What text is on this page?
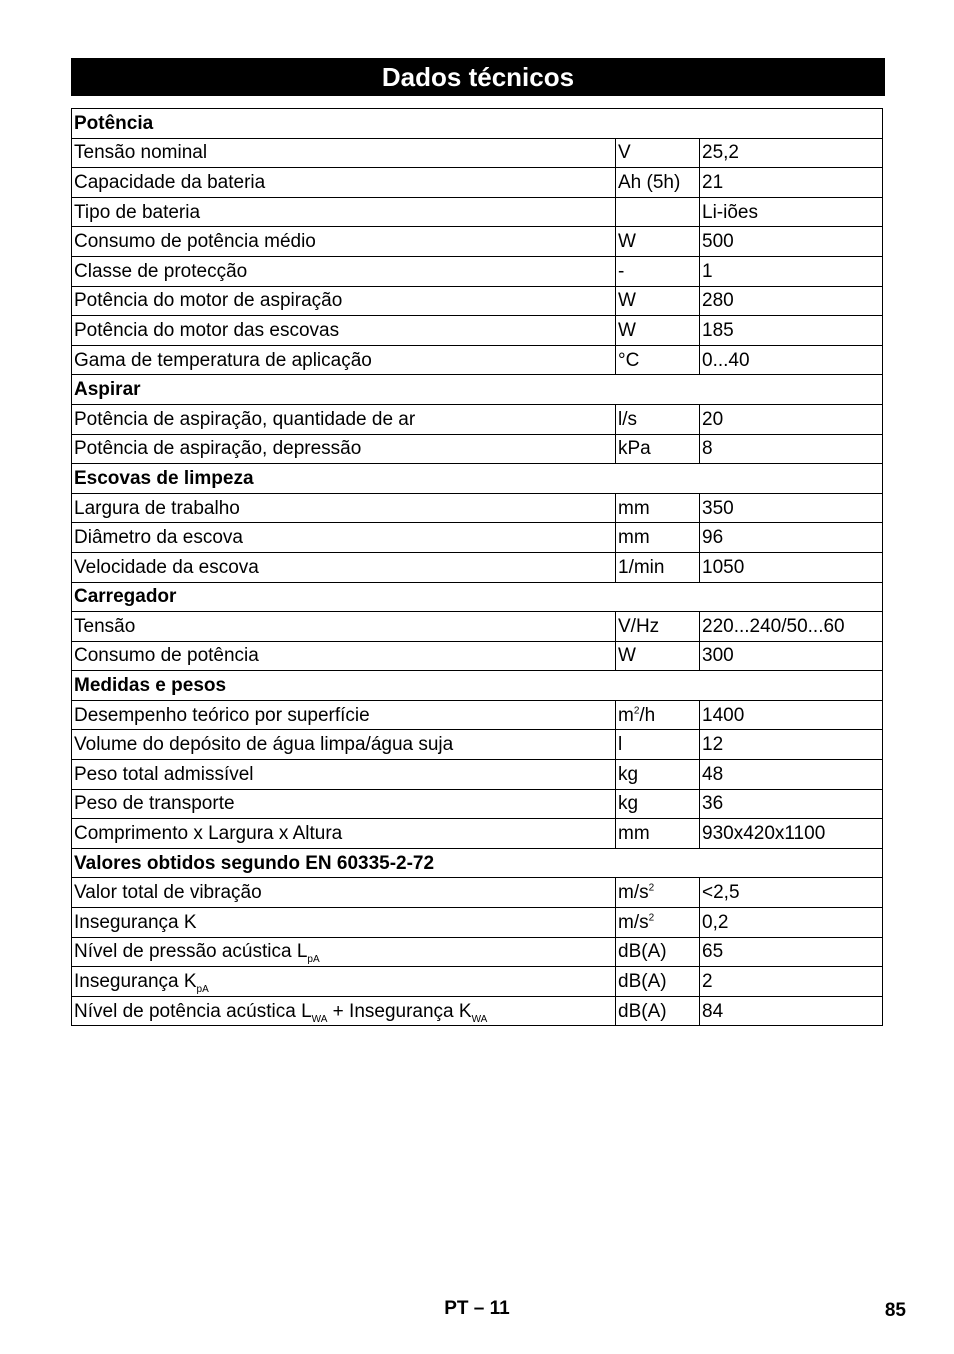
Dados técnicos
Potência		
Tensão nominal	V	25,2
Capacidade da bateria	Ah (5h)	21
Tipo de bateria		Li-iões
Consumo de potência médio	W	500
Classe de protecção	-	1
Potência do motor de aspiração	W	280
Potência do motor das escovas	W	185
Gama de temperatura de aplicação	°C	0...40
Aspirar		
Potência de aspiração, quantidade de ar	l/s	20
Potência de aspiração, depressão	kPa	8
Escovas de limpeza		
Largura de trabalho	mm	350
Diâmetro da escova	mm	96
Velocidade da escova	1/min	1050
Carregador		
Tensão	V/Hz	220...240/50...60
Consumo de potência	W	300
Medidas e pesos		
Desempenho teórico por superfície	$m^2/h$	1400
Volume do depósito de água limpa/água suja	l	12
Peso total admissível	kg	48
Peso de transporte	kg	36
Comprimento x Largura x Altura	mm	930x420x1100
Valores obtidos segundo EN 60335-2-72		
Valor total de vibração	$m/s^2$	<2,5
Insegurança K	$m/s^2$	0,2
Nível de pressão acústica $L_{pA}$	dB(A)	65
Insegurança $K_{pA}$	dB(A)	2
Nível de potência acústica $L_{WA}$ + Insegurança $K_{WA}$	dB(A)	84
PT – 11	85
